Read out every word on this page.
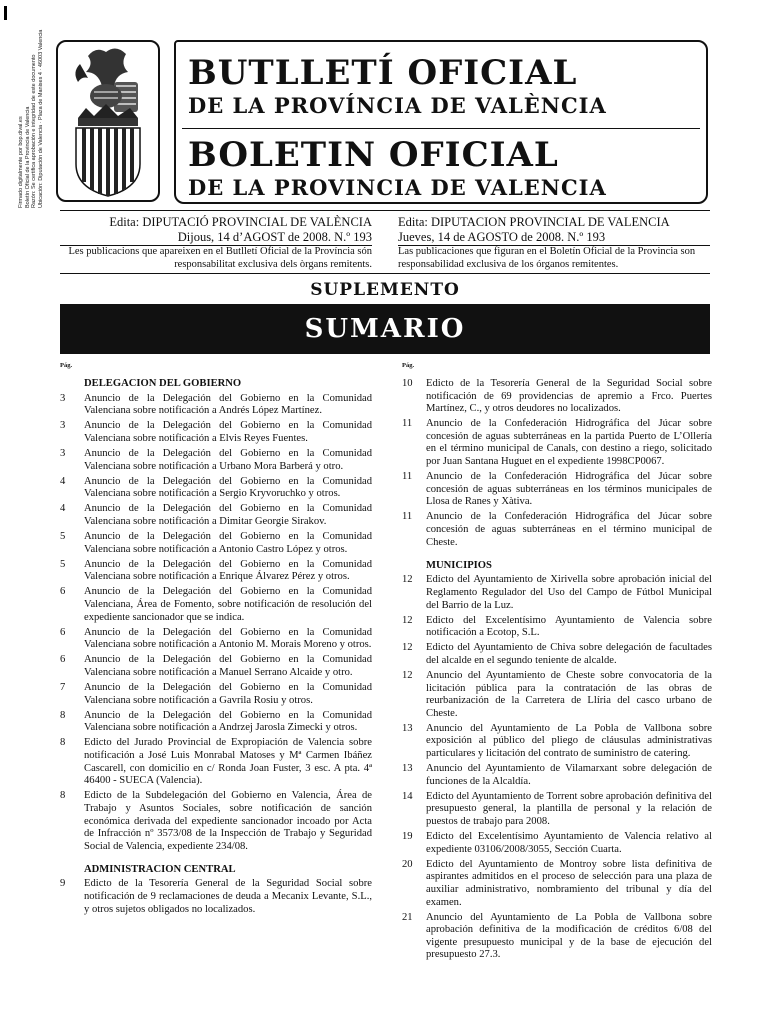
Firmado digitalmente por bop.dival.es Boletín Oficial de la Provincia de Valencia Razón: Se certifica aprobación e integridad de este documento Ubicación: Diputación de Valencia · Plaza de Manises 4 · 46003 Valencia	BUTLLETÍ OFICIAL
DE LA PROVÍNCIA DE VALÈNCIA
BOLETIN OFICIAL
DE LA PROVINCIA DE VALENCIA
Edita: DIPUTACIÓ PROVINCIAL DE VALÈNCIA
Dijous, 14 d’AGOST de 2008. N.º 193
Edita: DIPUTACION PROVINCIAL DE VALENCIA
Jueves, 14 de AGOSTO de 2008. N.º 193
Les publicacions que apareixen en el Butlletí Oficial de la Província són responsabilitat exclusiva dels òrgans remitents.
Las publicaciones que figuran en el Boletín Oficial de la Provincia son responsabilidad exclusiva de los órganos remitentes.
SUPLEMENTO
SUMARIO
Pág.	Pág.
DELEGACION DEL GOBIERNO
3	Anuncio de la Delegación del Gobierno en la Comunidad Valenciana sobre notificación a Andrés López Martínez.
3	Anuncio de la Delegación del Gobierno en la Comunidad Valenciana sobre notificación a Elvis Reyes Fuentes.
3	Anuncio de la Delegación del Gobierno en la Comunidad Valenciana sobre notificación a Urbano Mora Barberá y otro.
4	Anuncio de la Delegación del Gobierno en la Comunidad Valenciana sobre notificación a Sergio Kryvoruchko y otros.
4	Anuncio de la Delegación del Gobierno en la Comunidad Valenciana sobre notificación a Dimitar Georgie Sirakov.
5	Anuncio de la Delegación del Gobierno en la Comunidad Valenciana sobre notificación a Antonio Castro López y otros.
5	Anuncio de la Delegación del Gobierno en la Comunidad Valenciana sobre notificación a Enrique Álvarez Pérez y otros.
6	Anuncio de la Delegación del Gobierno en la Comunidad Valenciana, Área de Fomento, sobre notificación de resolución del expediente sancionador que se indica.
6	Anuncio de la Delegación del Gobierno en la Comunidad Valenciana sobre notificación a Antonio M. Morais Moreno y otros.
6	Anuncio de la Delegación del Gobierno en la Comunidad Valenciana sobre notificación a Manuel Serrano Alcaide y otro.
7	Anuncio de la Delegación del Gobierno en la Comunidad Valenciana sobre notificación a Gavrila Rosiu y otros.
8	Anuncio de la Delegación del Gobierno en la Comunidad Valenciana sobre notificación a Andrzej Jarosla Zimecki y otros.
8	Edicto del Jurado Provincial de Expropiación de Valencia sobre notificación a José Luis Monrabal Matoses y Mª Carmen Ibáñez Cascarell, con domicilio en c/ Ronda Joan Fuster, 3 esc. A pta. 4ª 46400 - SUECA (Valencia).
8	Edicto de la Subdelegación del Gobierno en Valencia, Área de Trabajo y Asuntos Sociales, sobre notificación de sanción económica derivada del expediente sancionador incoado por Acta de Infracción nº 3573/08 de la Inspección de Trabajo y Seguridad Social de Valencia, expediente 234/08.
ADMINISTRACION CENTRAL
9	Edicto de la Tesorería General de la Seguridad Social sobre notificación de 9 reclamaciones de deuda a Mecanix Levante, S.L., y otros sujetos obligados no localizados.
10	Edicto de la Tesorería General de la Seguridad Social sobre notificación de 69 providencias de apremio a Frco. Puertes Martínez, C., y otros deudores no localizados.
11	Anuncio de la Confederación Hidrográfica del Júcar sobre concesión de aguas subterráneas en la partida Puerto de L’Ollería en el término municipal de Canals, con destino a riego, solicitado por Juan Santana Huguet en el expediente 1998CP0067.
11	Anuncio de la Confederación Hidrográfica del Júcar sobre concesión de aguas subterráneas en los términos municipales de Llosa de Ranes y Xàtiva.
11	Anuncio de la Confederación Hidrográfica del Júcar sobre concesión de aguas subterráneas en el término municipal de Cheste.
MUNICIPIOS
12	Edicto del Ayuntamiento de Xirivella sobre aprobación inicial del Reglamento Regulador del Uso del Campo de Fútbol Municipal del Barrio de la Luz.
12	Edicto del Excelentísimo Ayuntamiento de Valencia sobre notificación a Ecotop, S.L.
12	Edicto del Ayuntamiento de Chiva sobre delegación de facultades del alcalde en el segundo teniente de alcalde.
12	Anuncio del Ayuntamiento de Cheste sobre convocatoria de la licitación pública para la contratación de las obras de reurbanización de la Carretera de Llíria del casco urbano de Cheste.
13	Anuncio del Ayuntamiento de La Pobla de Vallbona sobre exposición al público del pliego de cláusulas administrativas particulares y licitación del contrato de suministro de catering.
13	Anuncio del Ayuntamiento de Vilamarxant sobre delegación de funciones de la Alcaldía.
14	Edicto del Ayuntamiento de Torrent sobre aprobación definitiva del presupuesto general, la plantilla de personal y la relación de puestos de trabajo para 2008.
19	Edicto del Excelentísimo Ayuntamiento de Valencia relativo al expediente 03106/2008/3055, Sección Cuarta.
20	Edicto del Ayuntamiento de Montroy sobre lista definitiva de aspirantes admitidos en el proceso de selección para una plaza de auxiliar administrativo, nombramiento del tribunal y día del examen.
21	Anuncio del Ayuntamiento de La Pobla de Vallbona sobre aprobación definitiva de la modificación de créditos 6/08 del vigente presupuesto municipal y de la base de ejecución del presupuesto 27.3.
